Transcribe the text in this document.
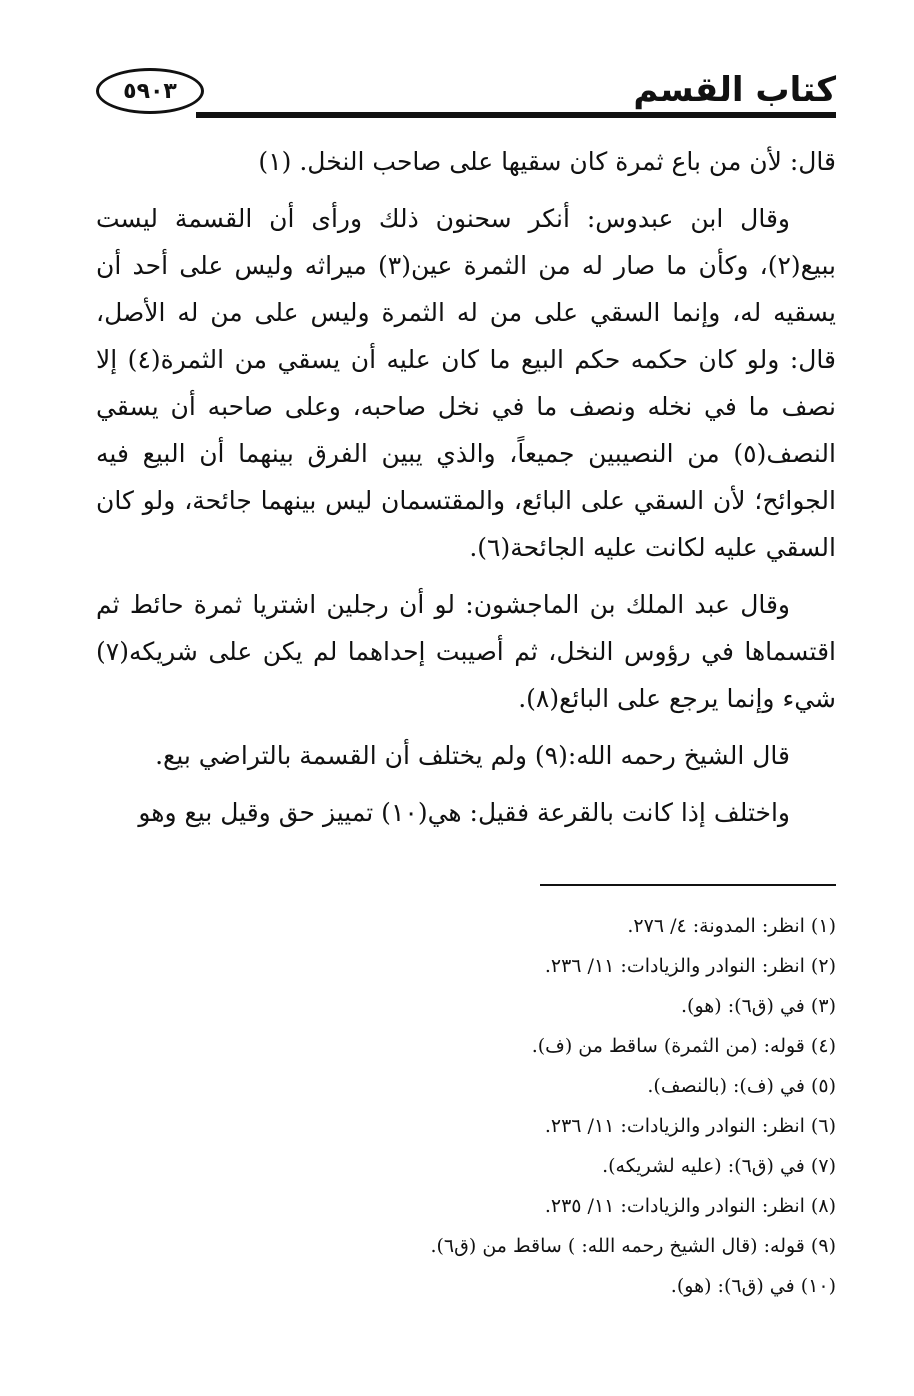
كتاب القسم
٥٩٠٣

قال: لأن من باع ثمرة كان سقيها على صاحب النخل. (١)

وقال ابن عبدوس: أنكر سحنون ذلك ورأى أن القسمة ليست ببيع(٢)، وكأن ما صار له من الثمرة عين(٣) ميراثه وليس على أحد أن يسقيه له، وإنما السقي على من له الثمرة وليس على من له الأصل، قال: ولو كان حكمه حكم البيع ما كان عليه أن يسقي من الثمرة(٤) إلا نصف ما في نخله ونصف ما في نخل صاحبه، وعلى صاحبه أن يسقي النصف(٥) من النصيبين جميعاً، والذي يبين الفرق بينهما أن البيع فيه الجوائح؛ لأن السقي على البائع، والمقتسمان ليس بينهما جائحة، ولو كان السقي عليه لكانت عليه الجائحة(٦).

وقال عبد الملك بن الماجشون: لو أن رجلين اشتريا ثمرة حائط ثم اقتسماها في رؤوس النخل، ثم أصيبت إحداهما لم يكن على شريكه(٧) شيء وإنما يرجع على البائع(٨).

قال الشيخ رحمه الله:(٩) ولم يختلف أن القسمة بالتراضي بيع.

واختلف إذا كانت بالقرعة فقيل: هي(١٠) تمييز حق وقيل بيع وهو

(١) انظر: المدونة: ٤/ ٢٧٦.

(٢) انظر: النوادر والزيادات: ١١/ ٢٣٦.

(٣) في (ق٦): (هو).

(٤) قوله: (من الثمرة) ساقط من (ف).

(٥) في (ف): (بالنصف).

(٦) انظر: النوادر والزيادات: ١١/ ٢٣٦.

(٧) في (ق٦): (عليه لشريكه).

(٨) انظر: النوادر والزيادات: ١١/ ٢٣٥.

(٩) قوله: (قال الشيخ رحمه الله: ) ساقط من (ق٦).

(١٠) في (ق٦): (هو).
